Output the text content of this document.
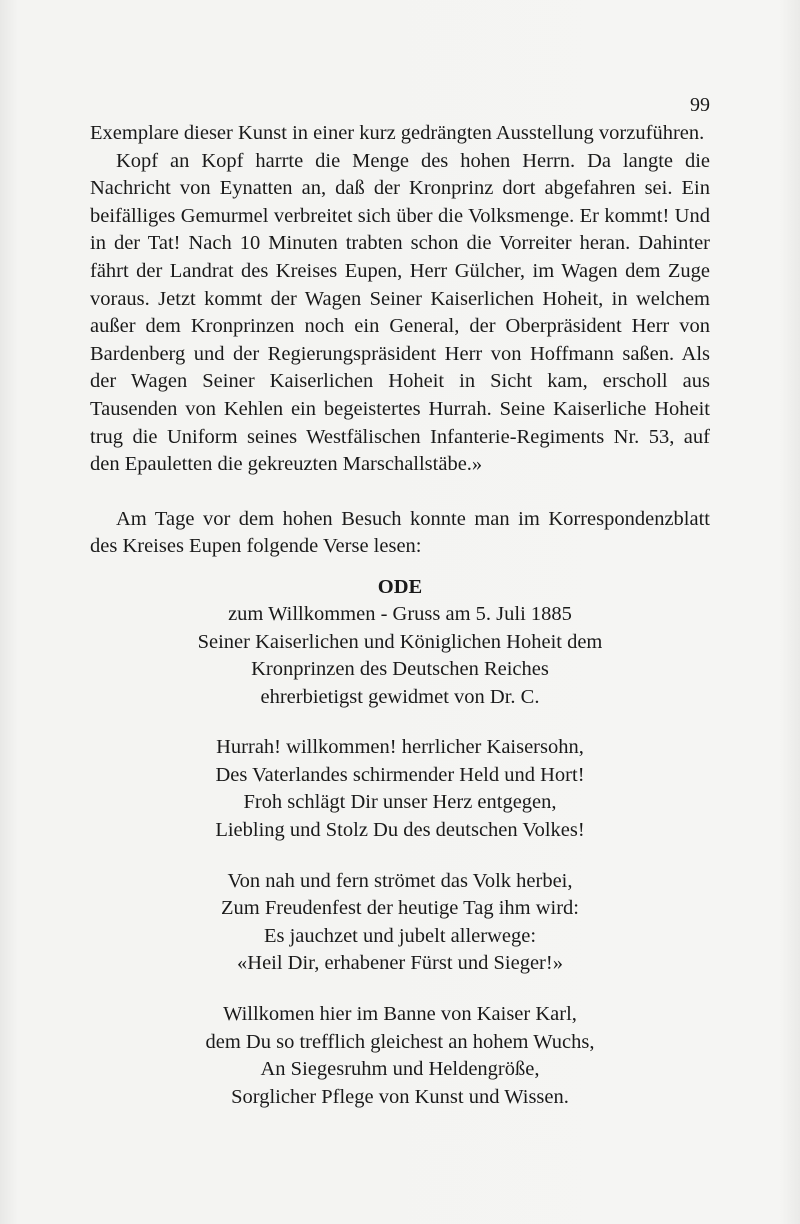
99

Exemplare dieser Kunst in einer kurz gedrängten Ausstellung vorzuführen.

Kopf an Kopf harrte die Menge des hohen Herrn. Da langte die Nachricht von Eynatten an, daß der Kronprinz dort abgefahren sei. Ein beifälliges Gemurmel verbreitet sich über die Volksmenge. Er kommt! Und in der Tat! Nach 10 Minuten trabten schon die Vorreiter heran. Dahinter fährt der Landrat des Kreises Eupen, Herr Gülcher, im Wagen dem Zuge voraus. Jetzt kommt der Wagen Seiner Kaiserlichen Hoheit, in welchem außer dem Kronprinzen noch ein General, der Oberpräsident Herr von Bardenberg und der Regierungspräsident Herr von Hoffmann saßen. Als der Wagen Seiner Kaiserlichen Hoheit in Sicht kam, erscholl aus Tausenden von Kehlen ein begeistertes Hurrah. Seine Kaiserliche Hoheit trug die Uniform seines Westfälischen Infanterie-Regiments Nr. 53, auf den Epauletten die gekreuzten Marschallstäbe.»

Am Tage vor dem hohen Besuch konnte man im Korrespondenzblatt des Kreises Eupen folgende Verse lesen:

ODE
zum Willkommen - Gruss am 5. Juli 1885
Seiner Kaiserlichen und Königlichen Hoheit dem
Kronprinzen des Deutschen Reiches
ehrerbietigst gewidmet von Dr. C.
Hurrah! willkommen! herrlicher Kaisersohn,
Des Vaterlandes schirmender Held und Hort!
Froh schlägt Dir unser Herz entgegen,
Liebling und Stolz Du des deutschen Volkes!
Von nah und fern strömet das Volk herbei,
Zum Freudenfest der heutige Tag ihm wird:
Es jauchzet und jubelt allerwege:
«Heil Dir, erhabener Fürst und Sieger!»
Willkomen hier im Banne von Kaiser Karl,
dem Du so trefflich gleichest an hohem Wuchs,
An Siegesruhm und Heldengröße,
Sorglicher Pflege von Kunst und Wissen.
